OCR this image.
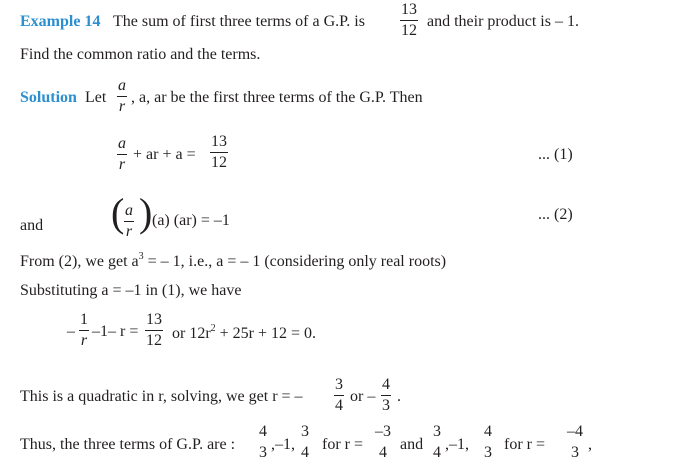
Example 14 The sum of first three terms of a G.P. is
13
12
and their product is – 1.
Find the common ratio and the terms.
Solution Let
a
r
, a, ar be the first three terms of the G.P. Then
a
r
+ ar + a =
13
12	... (1)
and ( a
r ) (a) (ar) = –1	... (2)
From (2), we get $a^3$ = – 1, i.e., a = – 1 (considering only real roots)
Substituting a = –1 in (1), we have
–
1
r
–1– r =
13
12 or $12r^2 + 25r + 12 = 0$.
This is a quadratic in r, solving, we get r = –
3
4
or –
4
3
.
Thus, the three terms of G.P. are :
4
3 ,–1,
3
4 for r =
–3
4 and
3
4 ,–1,
4
3 for r =
–4
3 ,
